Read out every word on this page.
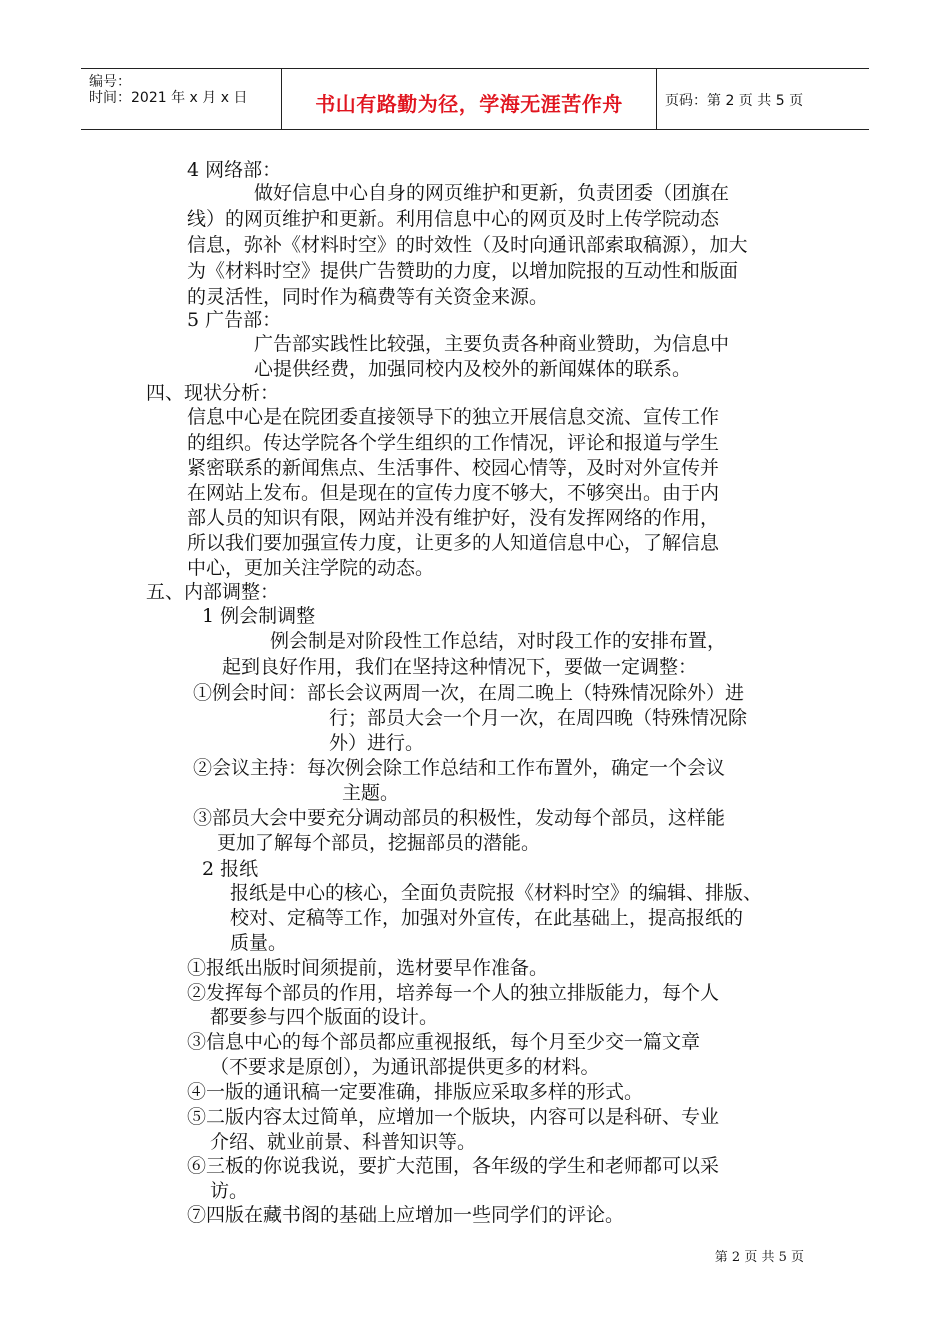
编号：
时间：2021 年 x 月 x 日	书山有路勤为径，学海无涯苦作舟	页码：第 2 页 共 5 页
4 网络部：
做好信息中心自身的网页维护和更新，负责团委（团旗在
线）的网页维护和更新。利用信息中心的网页及时上传学院动态
信息，弥补《材料时空》的时效性（及时向通讯部索取稿源），加大
为《材料时空》提供广告赞助的力度，以增加院报的互动性和版面
的灵活性，同时作为稿费等有关资金来源。
5 广告部：
广告部实践性比较强，主要负责各种商业赞助，为信息中
心提供经费，加强同校内及校外的新闻媒体的联系。
四、现状分析：
信息中心是在院团委直接领导下的独立开展信息交流、宣传工作
的组织。传达学院各个学生组织的工作情况，评论和报道与学生
紧密联系的新闻焦点、生活事件、校园心情等，及时对外宣传并
在网站上发布。但是现在的宣传力度不够大，不够突出。由于内
部人员的知识有限，网站并没有维护好，没有发挥网络的作用，
所以我们要加强宣传力度，让更多的人知道信息中心，了解信息
中心，更加关注学院的动态。
五、内部调整：
1 例会制调整
例会制是对阶段性工作总结，对时段工作的安排布置，
起到良好作用，我们在坚持这种情况下，要做一定调整：
①例会时间：部长会议两周一次，在周二晚上（特殊情况除外）进
行；部员大会一个月一次，在周四晚（特殊情况除
外）进行。
②会议主持：每次例会除工作总结和工作布置外，确定一个会议
主题。
③部员大会中要充分调动部员的积极性，发动每个部员，这样能
更加了解每个部员，挖掘部员的潜能。
2 报纸
报纸是中心的核心，全面负责院报《材料时空》的编辑、排版、
校对、定稿等工作，加强对外宣传，在此基础上，提高报纸的
质量。
①报纸出版时间须提前，选材要早作准备。
②发挥每个部员的作用，培养每一个人的独立排版能力，每个人
都要参与四个版面的设计。
③信息中心的每个部员都应重视报纸，每个月至少交一篇文章
（不要求是原创），为通讯部提供更多的材料。
④一版的通讯稿一定要准确，排版应采取多样的形式。
⑤二版内容太过简单，应增加一个版块，内容可以是科研、专业
介绍、就业前景、科普知识等。
⑥三板的你说我说，要扩大范围，各年级的学生和老师都可以采
访。
⑦四版在藏书阁的基础上应增加一些同学们的评论。
第 2 页 共 5 页
